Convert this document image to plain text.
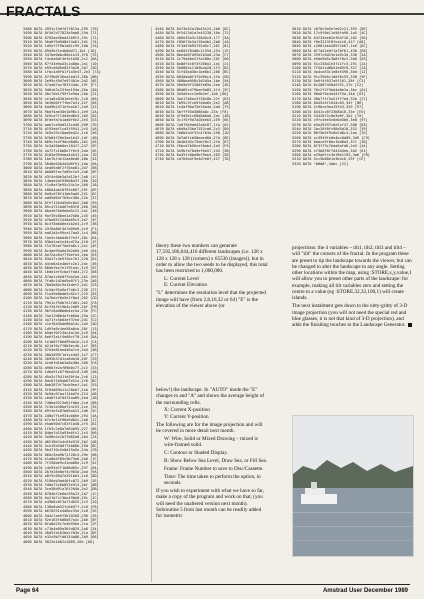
FRACTALS
3480 DATA 4991c19dfd7f813a,299 [70]
3490 DATA 8f5d7d77823e5ab8,29d [71]
3500 DATA 0703ae50ad41b9f2,29c [72]
3510 DATA 56a6f9d9d84f4a61,2d1 [74]
3520 DATA 1d5ef7f9b1a01c99,2b0 [7A]
3530 DATA 09d3bf1e4b0dd71,1b1 [10]
3540 DATA 347be0bbc86a1e13,3f0 [7E]
3550 DATA f4c6a0df4efe1b58,2c2 [6A]
3560 DATA 67f43e0a43c1a8bb,2a1 [10]
3570 DATA e95cd0d5e03f3a26,2b7 [5D]
3580 DATA 1fbc4a9fb1f1a3e47,2e3 [7A]
3590 DATA 67f9b0f36ea1bd13,28b [6B]
3600 DATA 2e99c49d7e97401e,2d2 [6E]
3610 DATA 57aa07acf83f44dc,19f [F7]
3620 DATA 9d6cb3c23fee194a,20a [50]
3630 DATA 40c7de1f95f1e9aa,2bb [21]
3640 DATA ce1a8c83d1eee19c,2c0 [8A]
3650 DATA 3e26d0ff7fbe7a31,22f [05]
3660 DATA 6ad9b2471efea1b7,2a9 [22]
3670 DATA 9bdf4ae38e1b98c1,1e9 [2A]
3680 DATA 3e9ca7f14d3ed8e4,1b5 [02]
3690 DATA 8fdefa7a1ad0f6e2,2e3 [53]
3700 DATA aab7ce9dd313cd46,209 [7D]
3710 DATA d193ebf1ca3f5941,2c5 [4A]
3720 DATA 3e5e19c10ae0ed2c,1c6 [56]
3730 DATA 07b84f20e3ae1b42,1df [4B]
3740 DATA b69cfe4f9dcd8d0c,2b1 [A5]
3750 DATA 3c5a20bb0ec18417,247 [5F]
3760 DATA 4a72fc1bb8e7f6c9,2ab [5E]
3770 DATA 0183a99deba4a541,2aa [7D]
3780 DATA 1be7bf4e12ae8ed6,28b [45]
3790 DATA 56d8e03b4a2d8f91,1da [0A]
3800 DATA 4ea65a8f2f70aa81,2d7 [6B]
3810 DATA bb8d9fac7e09c1e3,2a6 [0F]
3820 DATA d3f4c60e3a2d12bf,2a8 [1C]
3830 DATA 14bae4d1930d6a3f,26b [20]
3840 DATA f1c8af3e95c24c1e,266 [18]
3850 DATA e86d4ab18f92e067,29f [6F]
3860 DATA 6a9cd70f41bb5ad5,241 [6C]
3870 DATA ad05d64f7b9ac38e,22e [37]
3880 DATA 6fe712b4d5e0c8a2,2b8 [59]
3890 DATA 85c4f21bd67e83f6,260 [58]
3900 DATA 0ba4d70a9ebd5c22,2a1 [48]
3910 DATA 9af39c80ee1a7b6b,245 [45]
3920 DATA d7be85f2440a69c3,2b7 [4F]
3930 DATA 8c4f3b6d0ea1b2e4,2c9 [3B]
3940 DATA 43f6a8bf4e7a09a9,2c9 [F1]
3950 DATA ea61d4c99ce17aa5,1c4 [B8]
3960 DATA 7ae5c4bbd4bf7e4f,28c [D4]
3970 DATA 93bd1ae1e44cd72a,210 [1F]
3980 DATA f1e70cbf7de5a8c1,2e1 [AF]
3990 DATA 8c4ae95a0a7b2e6d,2e6 [64]
4000 DATA 6a72ac04f7f0efa4,2ba [63]
4010 DATA 83d17c4e9f2bc7b1,220 [62]
4020 DATA a3cb6a1e4bdfc2e1,2dc [36]
4030 DATA 66bbfbc7e1f91a4c,2c9 [67]
4040 DATA 16da1ef5cba7fdd4,272 [68]
4050 DATA 87da1c6e8f7da2ad,2a1 [69]
4060 DATA 7fa8c1d2dd5e07f1,23e [A6]
4070 DATA 78a5b84c9a15def2,2a1 [53]
4080 DATA 3c5dc92a9af7a6c2,236 [27]
4090 DATA f1a49e8bdb5c02cf,225 [03]
4100 DATA 2a7bdcf6e5e1f8a4,202 [CD]
4110 DATA 79e1cf5db7e1fd61,2b2 [FA]
4120 DATA 6cf34fe19b4c2d89,2bf [FB]
4130 DATA 9b7c8ad8bdb4ec5a,23e [FC]
4140 DATA 7ae12d0b4afcb6da,25a [2C]
4150 DATA 4a71fc5b04ef37ed,2d1 [C2]
4160 DATA c1ef6a3bde80a14c,2a5 [4D]
4170 DATA 1d9fa8c4ee58a0cb,28f [13]
4180 DATA b5def0f23ac4a14e,2c9 [64]
4190 DATA 6e6f2a1f4e68cf70,2c6 [DA]
4200 DATA 1e1b07f0bd99da1e,2c3 [C4]
4210 DATA b21df6c7f0b3ec4b,1cf [B3]
4220 DATA 97b4e81bed40a7ce,2a4 [4B]
4230 DATA 40b3d99f1d1ce4d3,1c7 [C7]
4240 DATA 2b92b37d1ca8da10,20f [29]
4250 DATA 4ce6fd1bb3a8e48e,266 [FA]
4260 DATA a96b7e2af09b0c77,2c2 [33]
4270 DATA 1d6a91c67f0ad2c8,2d9 [48]
4280 DATA d5a3c7941fe20f4a,2c6 [13]
4290 DATA 6dc8f1b9ab67e51e,2f6 [BC]
4300 DATA 8ab3074f7dcb9eaf,2a1 [53]
4310 DATA 3f64d09a11c28eb7,2cb [9F]
4320 DATA 3e5dc07aaf14bd7e,224 [A8]
4330 DATA c6a8f1d7d4f2aa89,2ed [1B]
4340 DATA 740ba9213e61fdbe,2cd [68]
4350 DATA 7c3a1e40bdf24c53,2ce [35]
4360 DATA 69f4e3c87b05ad12,2d6 [5C]
4370 DATA 2d8a7f1e934cb06e,294 [4A]
4380 DATA b7c3e14f06a9d82c,2a0 [17]
4390 DATA e5ab90d7c63f1b48,2f5 [81]
4400 DATA 1f63c2e8a7d04b95,227 [0E]
4410 DATA 84be7d15a93e6fc2,2c5 [66]
4420 DATA 3a96e4c1bf7d82a0,2b4 [24]
4430 DATA d02f8b7a4c63e915,2b2 [A8]
4440 DATA 5ce19a3d0f74b86b,29d [BC]
4450 DATA 9b47f0c2e8d15a3e,24a [CB]
4460 DATA 06dc3ea9b71f28c4,29e [08]
4470 DATA e1a8d4f05c9b73a6,2a6 [1F]
4480 DATA 7f250be9c41da68e,2c9 [52]
4490 DATA c4e93a7f1b08d65c,297 [04]
4500 DATA 2b7d16e8af4c903d,2ad [9A]
4510 DATA a8f3c05d7e291b64,2c0 [8D]
4520 DATA 5196eb3ad40fc872,2b9 [2E]
4530 DATA fd0a72c6b853e914,2bf [0B]
4540 DATA 3ce58d91a76f204b,2e2 [DB]
4550 DATA 8704bf2e6dc95a13,2a7 [1C]
4560 DATA 6a2fd7c13be490e8,29c [1C]
4570 DATA e49b8c0f3a71d625,2c3 [20]
4580 DATA 138e6da52fc0b97f,2c0 [F8]
4590 DATA b6f0291e4d8ac35e,2c8 [2E]
4600 DATA 5d4c7ae9f3b10268,290 [45]
4610 DATA 92e163fb08d57a4c,2b6 [8F]
4620 DATA 0fa8d25c7e4b936e,2ca [2F]
4630 DATA c71b4e09a36fd825,2a8 [34]
4640 DATA 48d5fa162bec703e,21a [BF]
4650 DATA e32c9b7fd0154a86,2b9 [66]
4660 DATA 3022e1b02c2889,26e [66]
4440 DATA 84f3e52a15b45c24,2b0 [8C]
4450 DATA 0f5413d1a7e45230,16a [72]
4460 DATA 406e35a3c158d5c0,177 [5A]
4470 DATA f056f3e3a1f0a4b2,2b0 [4A]
4480 DATA 3f3a53b95f35d5c7,261 [81]
4490 DATA ee8d3f84d8c1155d,254 [1F]
4500 DATA 8be4d07d92b2b3a0,23a [C7]
4510 DATA 2c79a6be21fa280e,20f [00]
4520 DATA 8a80f4c0f3f260a2,1a1 [21]
4530 DATA 3e6804c11b9b4a20,1f3 [B2]
4540 DATA 51f45bd3bc1be6b1,286 [BC]
4550 DATA 6840ab0f3f2d9bc4,2fa [ED]
4560 DATA 488bbe058c3d2d5a,1be [5A]
4570 DATA 50e9a9f3206fe65e,2ee [4E]
4580 DATA 80d65c479bee9a85,2f4 [5C]
4590 DATA 3a5d5ecc2a9b2ef,1a0 [60]
4600 DATA 3ae17b6ac5f38c8b,22f [D3]
4610 DATA 7b95c3fcb9fa6a6e,2e2 [AB]
4620 DATA 1e4af9ba75e16a4a,2dd [79]
4630 DATA 3bfff55d3086a8c,23a [F8]
4640 DATA 4f9d9e1c68d0b0ab,2dc [48]
4650 DATA 3c1f5f9d7a28eeb3,259 [6E]
4660 DATA 7a6f3b9dd42a0c87,1fa [62]
4670 DATA e0d9a23be7152ca6,2c3 [D0]
4680 DATA 7b6b5a4f3fc47b3a,290 [1D]
4690 DATA 3d7a8fcb50eaed8d,27d [8E]
4700 DATA 4b4b5d3c75ebf8c2,2fb [67]
4710 DATA f6bcd7b56cef0ab4,2a5 [F5]
4720 DATA 3e9bfa70a5ef6a57,243 [38]
4730 DATA 6a35fc0ba9bf9ee4,265 [58]
4740 DATA cd7b9a4f5e4d7e0f,427 [7D]
5010 DATA c678c9a5e7e02c21,355 [8E]
5020 DATA 17c9f6e11e56fa96,1a5 [4C]
5030 DATA 64f34ee02ef04f16,202 [56]
5040 DATA f8e3213f8fcdc10,417 [A8]
5050 DATA c26814ea285f2e67,1e6 [6C]
5060 DATA 0f7a52e0f1a70f61,436 [E8]
5070 DATA 2597c6d15e1a9c3d,336 [2A]
5080 DATA e9de9b5c3b8ff0c2,3b0 [03]
5090 DATA 51c33841e3f11fc3,191 [24]
5100 DATA 7f5d1cd8b51e05f8,327 [1A]
5110 DATA 4a4ca53c1e8e5398,30d [12]
5120 DATA 91c39b5c1d0f6c53,338 [9F]
5130 DATA 5a9f4f037a9f161,28f [C3]
5140 DATA 6c2687450a5f51,27e [C2]
5150 DATA 76c2f2f5bd4a0e1a,3bc [A1]
5160 DATA 90e6f5e4d44ff5a,34b [63]
5170 DATA 38b7f1f5a21ff7ed,32b [27]
5180 DATA 8d4544f1644c03,34f [86]
5190 DATA 2c9bce3ea15fe3,329 [97]
5200 DATA 8441cc6f25b8b18,33e [E5]
5210 DATA 54426f2c8e3e6f,2b2 [19]
5220 DATA c9fc4ee5c6e0d3b6,3e8 [97]
5230 DATA e5e49297c6e5cf47,388 [63]
5240 DATA 2ac20f0fc98d5d18,332 [39]
5250 DATA 86f5b9f9c8e2d8c4,2ae [7E]
5260 DATA cc3949fe0e4bc8d09,3d9 [C9]
5270 DATA 8abce5f6bcfbd0a5,3f1 [1B]
5280 DATA 8f3f79c7bda0afd6,2e5 [44]
5290 DATA cf3b8f8f7d43a3eb,3d2 [61]
5300 DATA e29a0fcc3ef8e1f83,3a6 [F8]
5310 DATA 5cc5b80e1e3b4c6,29f [CE]
5320 DATA "####",4abc [22]

theory these two numbers can generate 17,592,186,044,416 different landscapes (i.e. 128 x 128 x 128 x 128 (corners) x 65536 (images)), but in order to allow the two seeds to be displayed, this total has been restricted to 1,000,000.

L: Current Level

E: Current Elevation

"L" determines the resolution level that the projected image will have (from 2,8,16,32 or 64) "E" is the elevation of the viewer above (or

below!) the landscape. In "AUTO" mode the "E" changes to and "A" and shows the average height of the surrounding cells.

X: Current X-position

Y: Current Y-position

The following are for the image projection and will be covered in more detail next month.

W: Wire, Solid or Mixed Drawing – mixed is wire-framed solid.

C: Contour or Shaded Display.

B: Show Below Sea Level, Draw Sea, or Fill Sea.

Frame: Frame Number to save to Disc/Cassette.

Time: The time taken to perform the option, in seconds.

If you wish to experiment with what we have so far, make a copy of the program and work on that, (you will need the unaltered version next month). Subroutine 5 from last month can be readily added for isometric

projections: the 4 variables – tilt1, tilt2, tilt3 and tilt4 – will "tilt" the corners of the fractal. In the program these are preset to tip the landscape towards the viewer, but can be changed to alter the landscape to any angle. Setting other locations within the map, using :STORE,x,y,value,1 will allow you to preset other parts of the landscape: for example, making all tilt variables zero and setting the centre to a value (eg :STORE,32,32,100,1) will create islands.

The next instalment gets down to the nitty-gritty of 3-D image projection (you will not need the special red and blue glasses, it is not that kind of 3-D projection), and adds the finishing touches to the Landscape Generator.

Page 64	Amstrad User December 1989
